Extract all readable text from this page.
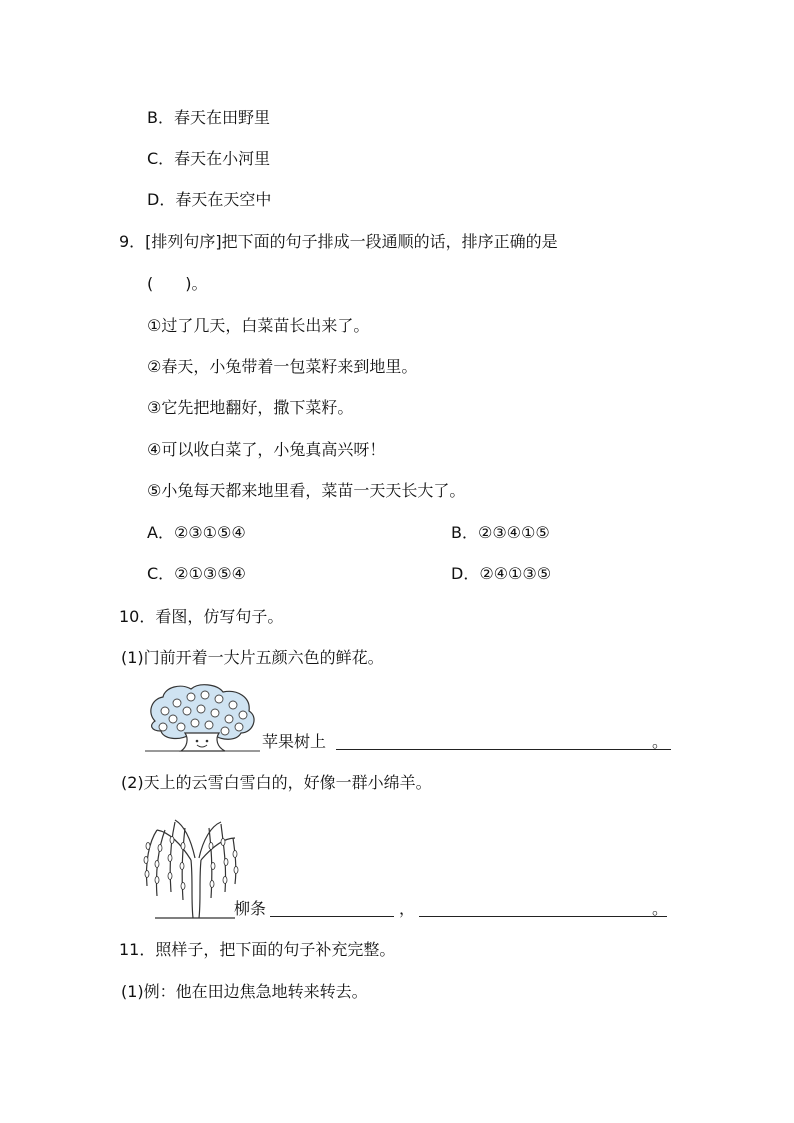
B．春天在田野里
C．春天在小河里
D．春天在天空中
9．[排列句序]把下面的句子排成一段通顺的话，排序正确的是
(　　)。
①过了几天，白菜苗长出来了。
②春天，小兔带着一包菜籽来到地里。
③它先把地翻好，撒下菜籽。
④可以收白菜了，小兔真高兴呀！
⑤小兔每天都来地里看，菜苗一天天长大了。
A．②③①⑤④	B．②③④①⑤
C．②①③⑤④	D．②④①③⑤
10．看图，仿写句子。
(1)门前开着一大片五颜六色的鲜花。
苹果树上	。
(2)天上的云雪白雪白的，好像一群小绵羊。
柳条	，	。
11．照样子，把下面的句子补充完整。
(1)例：他在田边焦急地转来转去。
